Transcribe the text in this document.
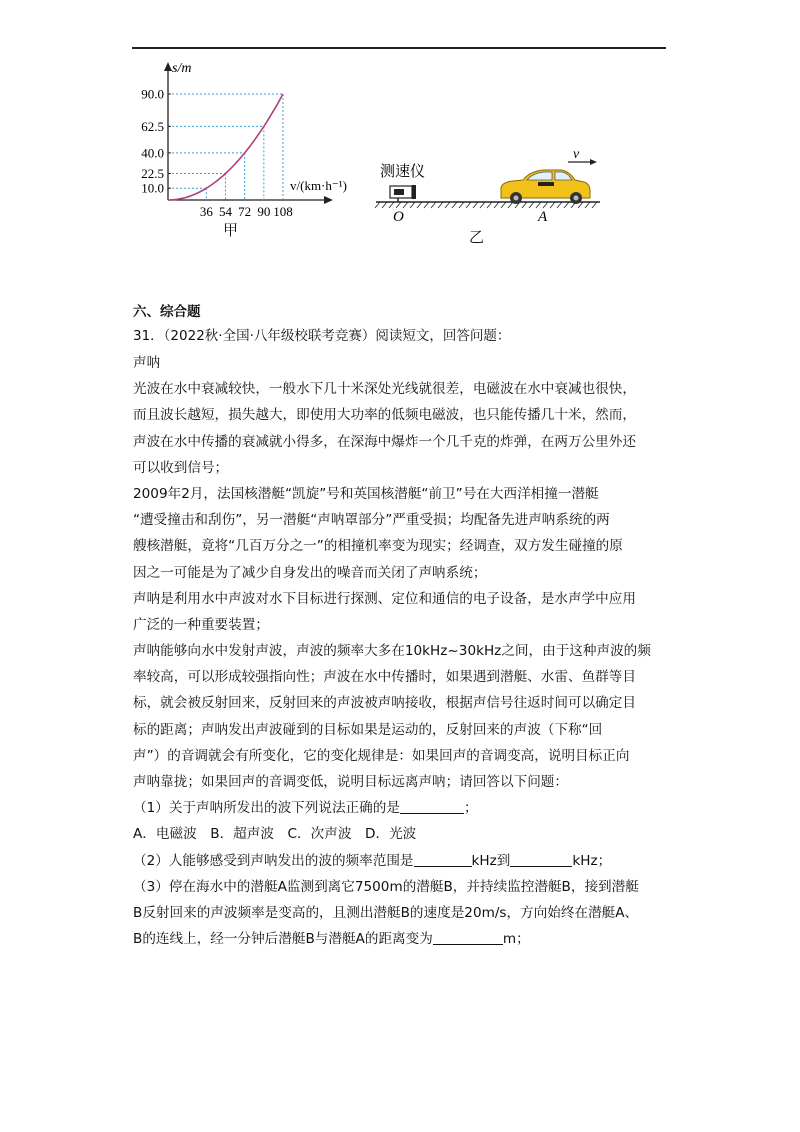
90.0
62.5
40.0
22.5
10.0
36 54 72 90 108
s/m
v/(km·h⁻¹)
甲
测速仪
v
O	A
乙
六、综合题
31．（2022秋·全国·八年级校联考竞赛）阅读短文，回答问题：
声呐
光波在水中衰减较快，一般水下几十米深处光线就很差，电磁波在水中衰减也很快，
而且波长越短，损失越大，即使用大功率的低频电磁波，也只能传播几十米，然而，
声波在水中传播的衰减就小得多，在深海中爆炸一个几千克的炸弹，在两万公里外还
可以收到信号；
2009年2月，法国核潜艇“凯旋”号和英国核潜艇“前卫”号在大西洋相撞一潜艇
“遭受撞击和刮伤”，另一潜艇“声呐罩部分”严重受损；均配备先进声呐系统的两
艘核潜艇，竟将“几百万分之一”的相撞机率变为现实；经调查，双方发生碰撞的原
因之一可能是为了减少自身发出的噪音而关闭了声呐系统；
声呐是利用水中声波对水下目标进行探测、定位和通信的电子设备，是水声学中应用
广泛的一种重要装置；
声呐能够向水中发射声波，声波的频率大多在10kHz~30kHz之间，由于这种声波的频
率较高，可以形成较强指向性；声波在水中传播时，如果遇到潜艇、水雷、鱼群等目
标，就会被反射回来，反射回来的声波被声呐接收，根据声信号往返时间可以确定目
标的距离；声呐发出声波碰到的目标如果是运动的，反射回来的声波（下称“回
声”）的音调就会有所变化，它的变化规律是：如果回声的音调变高，说明目标正向
声呐靠拢；如果回声的音调变低，说明目标远离声呐；请回答以下问题：
（1）关于声呐所发出的波下列说法正确的是	；
A．电磁波　B．超声波　C．次声波　D．光波
（2）人能够感受到声呐发出的波的频率范围是	kHz到	kHz；
（3）停在海水中的潜艇A监测到离它7500m的潜艇B，并持续监控潜艇B，接到潜艇
B反射回来的声波频率是变高的，且测出潜艇B的速度是20m/s，方向始终在潜艇A、
B的连线上，经一分钟后潜艇B与潜艇A的距离变为	m；
